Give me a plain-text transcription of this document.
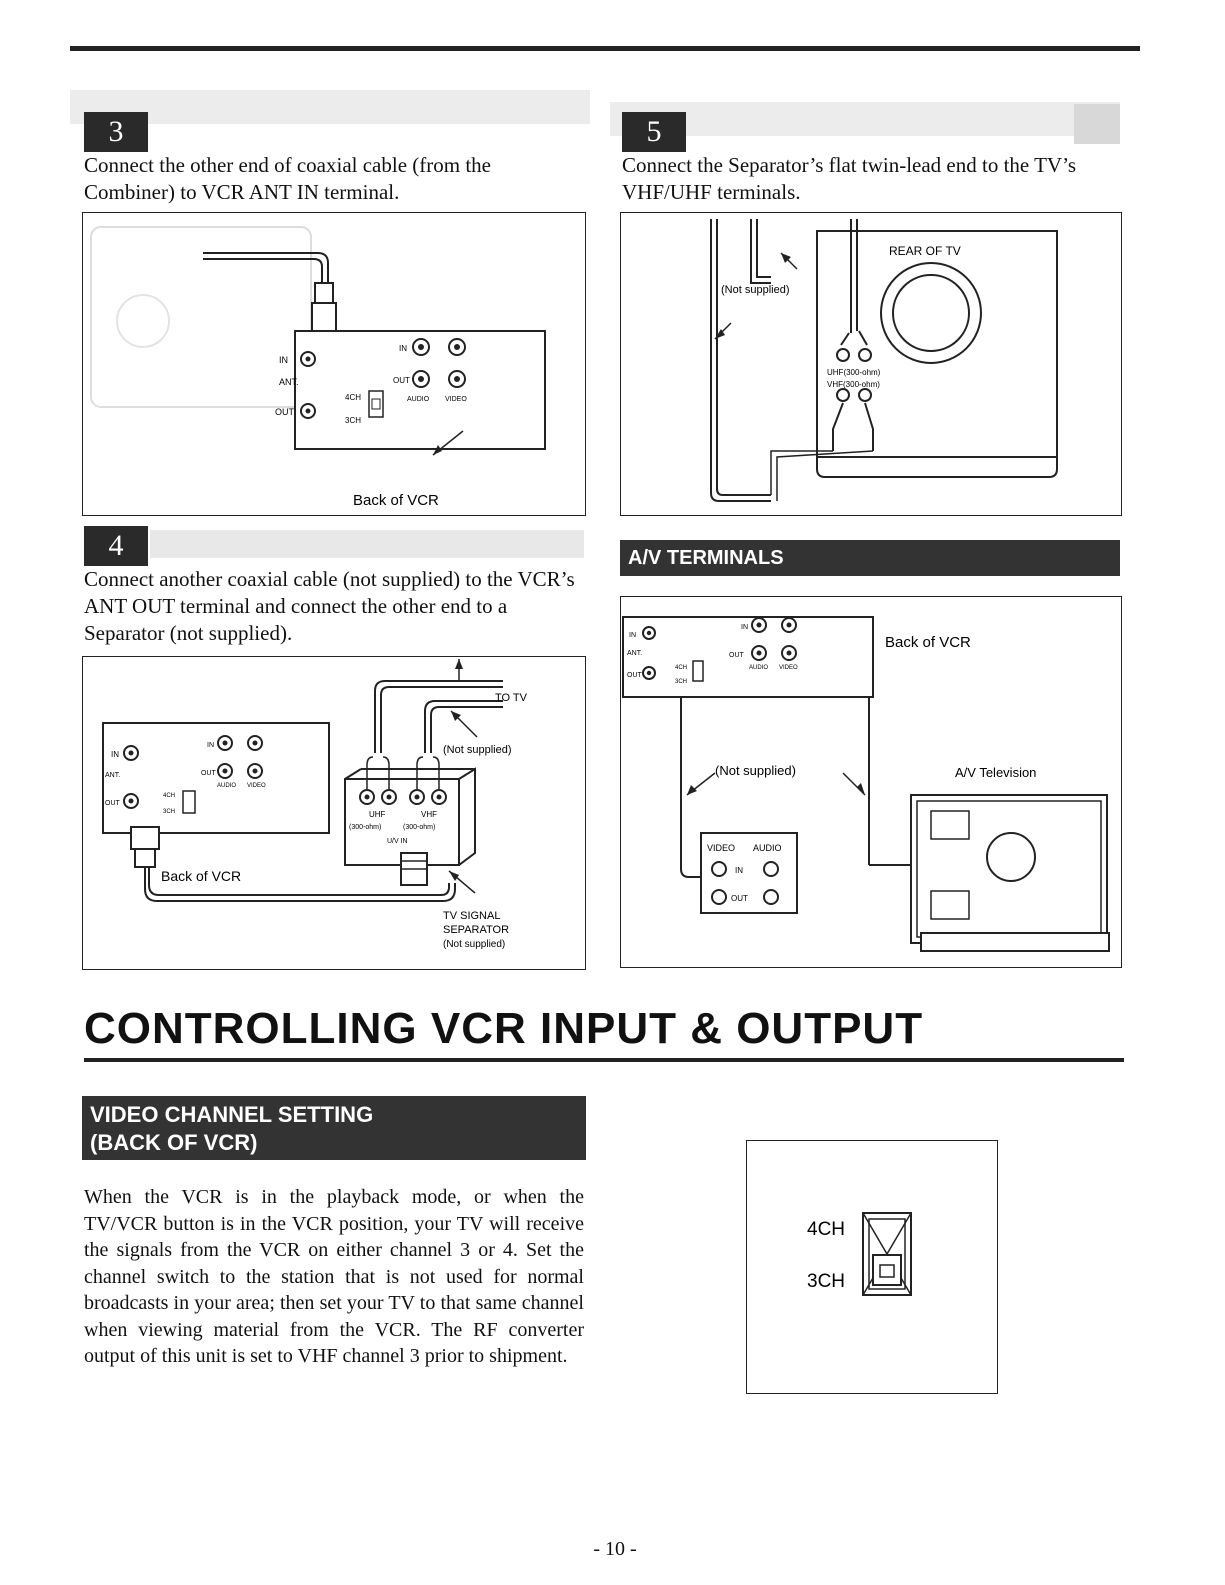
3
Connect the other end of coaxial cable (from the Combiner) to VCR ANT IN terminal.
IN
ANT.
OUT
4CH
3CH
IN
OUT
AUDIO VIDEO
Back of VCR
4
Connect another coaxial cable (not supplied) to the VCR’s ANT OUT terminal and connect the other end to a Separator (not supplied).
IN
ANT.
OUT
4CH
3CH
IN
OUT
AUDIO VIDEO
Back of VCR
UHF	VHF
(300-ohm)	(300-ohm)
U/V IN
TO TV
(Not supplied)
TV SIGNAL
SEPARATOR
(Not supplied)
5
Connect the Separator’s flat twin-lead end to the TV’s VHF/UHF terminals.
REAR OF TV
UHF(300-ohm)
VHF(300-ohm)
(Not supplied)
A/V TERMINALS
IN
ANT.
OUT
4CH
3CH
IN
OUT
AUDIO VIDEO
Back of VCR
(Not supplied)
VIDEO AUDIO
IN
OUT
A/V Television
CONTROLLING VCR INPUT & OUTPUT
VIDEO CHANNEL SETTING
(BACK OF VCR)
When the VCR is in the playback mode, or when the TV/VCR button is in the VCR position, your TV will receive the signals from the VCR on either channel 3 or 4. Set the channel switch to the station that is not used for normal broadcasts in your area; then set your TV to that same channel when viewing material from the VCR. The RF converter output of this unit is set to VHF channel 3 prior to shipment.
4CH
3CH
- 10 -
